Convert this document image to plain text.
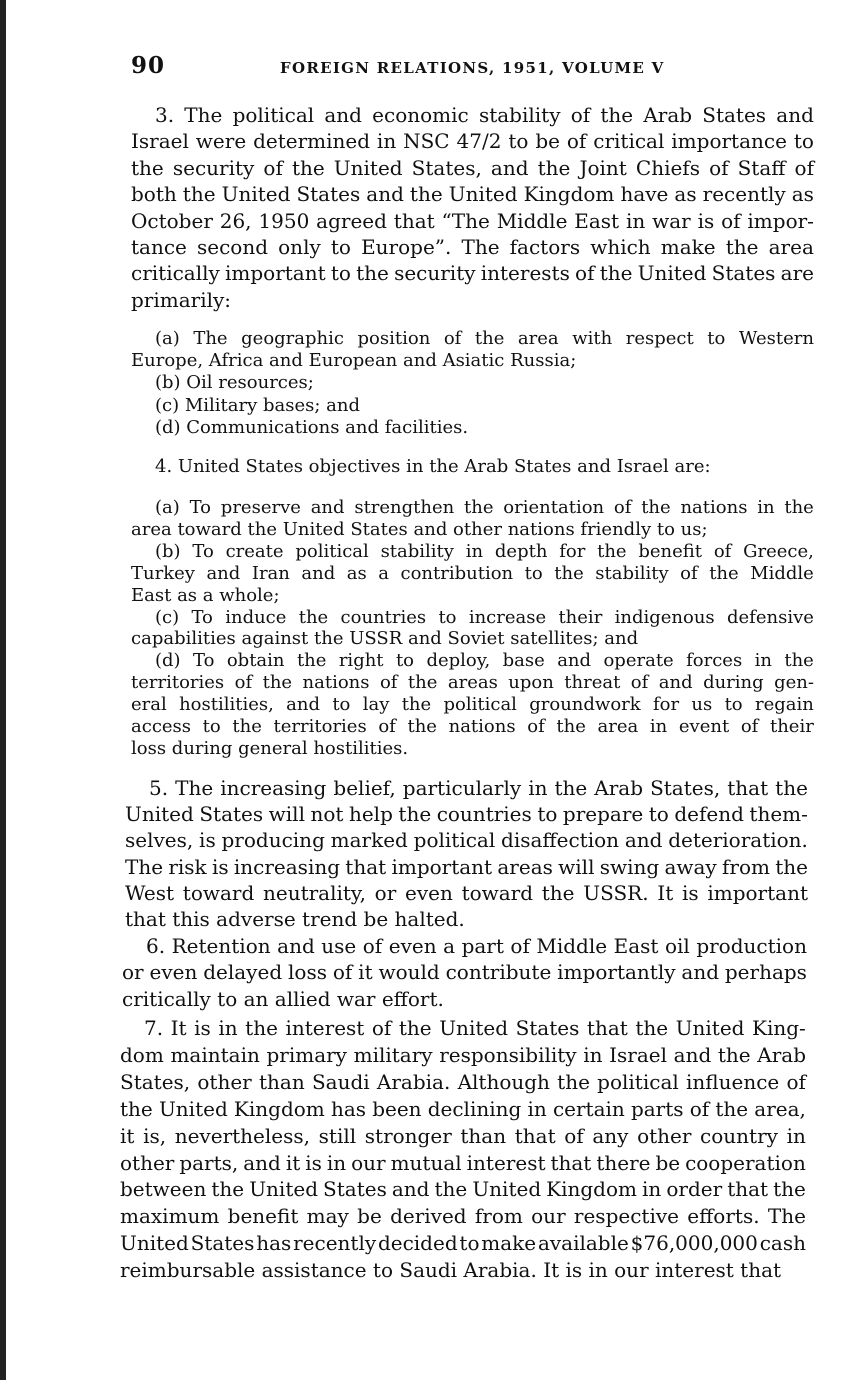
90	FOREIGN RELATIONS, 1951, VOLUME V
3. The political and economic stability of the Arab States and
Israel were determined in NSC 47/2 to be of critical importance to
the security of the United States, and the Joint Chiefs of Staff of
both the United States and the United Kingdom have as recently as
October 26, 1950 agreed that “The Middle East in war is of impor-
tance second only to Europe”. The factors which make the area
critically important to the security interests of the United States are
primarily:
(a) The geographic position of the area with respect to Western
Europe, Africa and European and Asiatic Russia;
(b) Oil resources;
(c) Military bases; and
(d) Communications and facilities.
4. United States objectives in the Arab States and Israel are:
(a) To preserve and strengthen the orientation of the nations in the
area toward the United States and other nations friendly to us;
(b) To create political stability in depth for the benefit of Greece,
Turkey and Iran and as a contribution to the stability of the Middle
East as a whole;
(c) To induce the countries to increase their indigenous defensive
capabilities against the USSR and Soviet satellites; and
(d) To obtain the right to deploy, base and operate forces in the
territories of the nations of the areas upon threat of and during gen-
eral hostilities, and to lay the political groundwork for us to regain
access to the territories of the nations of the area in event of their
loss during general hostilities.
5. The increasing belief, particularly in the Arab States, that the
United States will not help the countries to prepare to defend them-
selves, is producing marked political disaffection and deterioration.
The risk is increasing that important areas will swing away from the
West toward neutrality, or even toward the USSR. It is important
that this adverse trend be halted.
6. Retention and use of even a part of Middle East oil production
or even delayed loss of it would contribute importantly and perhaps
critically to an allied war effort.
7. It is in the interest of the United States that the United King-
dom maintain primary military responsibility in Israel and the Arab
States, other than Saudi Arabia. Although the political influence of
the United Kingdom has been declining in certain parts of the area,
it is, nevertheless, still stronger than that of any other country in
other parts, and it is in our mutual interest that there be cooperation
between the United States and the United Kingdom in order that the
maximum benefit may be derived from our respective efforts. The
United States has recently decided to make available $76,000,000 cash
reimbursable assistance to Saudi Arabia. It is in our interest that
